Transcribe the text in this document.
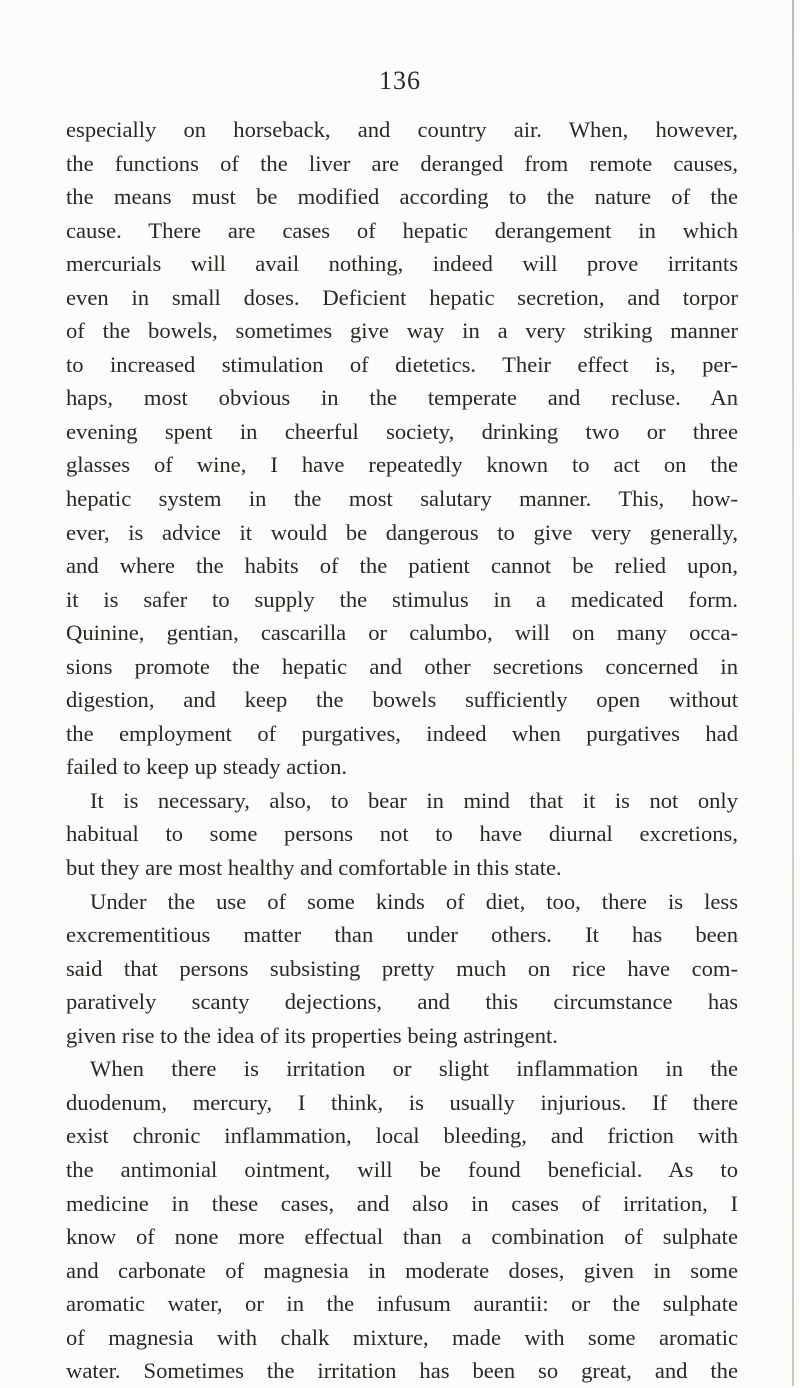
136
especially on horseback, and country air. When, however,
the functions of the liver are deranged from remote causes,
the means must be modified according to the nature of the
cause. There are cases of hepatic derangement in which
mercurials will avail nothing, indeed will prove irritants
even in small doses. Deficient hepatic secretion, and torpor
of the bowels, sometimes give way in a very striking manner
to increased stimulation of dietetics. Their effect is, per-
haps, most obvious in the temperate and recluse. An
evening spent in cheerful society, drinking two or three
glasses of wine, I have repeatedly known to act on the
hepatic system in the most salutary manner. This, how-
ever, is advice it would be dangerous to give very generally,
and where the habits of the patient cannot be relied upon,
it is safer to supply the stimulus in a medicated form.
Quinine, gentian, cascarilla or calumbo, will on many occa-
sions promote the hepatic and other secretions concerned in
digestion, and keep the bowels sufficiently open without
the employment of purgatives, indeed when purgatives had
failed to keep up steady action.
It is necessary, also, to bear in mind that it is not only
habitual to some persons not to have diurnal excretions,
but they are most healthy and comfortable in this state.
Under the use of some kinds of diet, too, there is less
excrementitious matter than under others. It has been
said that persons subsisting pretty much on rice have com-
paratively scanty dejections, and this circumstance has
given rise to the idea of its properties being astringent.
When there is irritation or slight inflammation in the
duodenum, mercury, I think, is usually injurious. If there
exist chronic inflammation, local bleeding, and friction with
the antimonial ointment, will be found beneficial. As to
medicine in these cases, and also in cases of irritation, I
know of none more effectual than a combination of sulphate
and carbonate of magnesia in moderate doses, given in some
aromatic water, or in the infusum aurantii: or the sulphate
of magnesia with chalk mixture, made with some aromatic
water. Sometimes the irritation has been so great, and the
